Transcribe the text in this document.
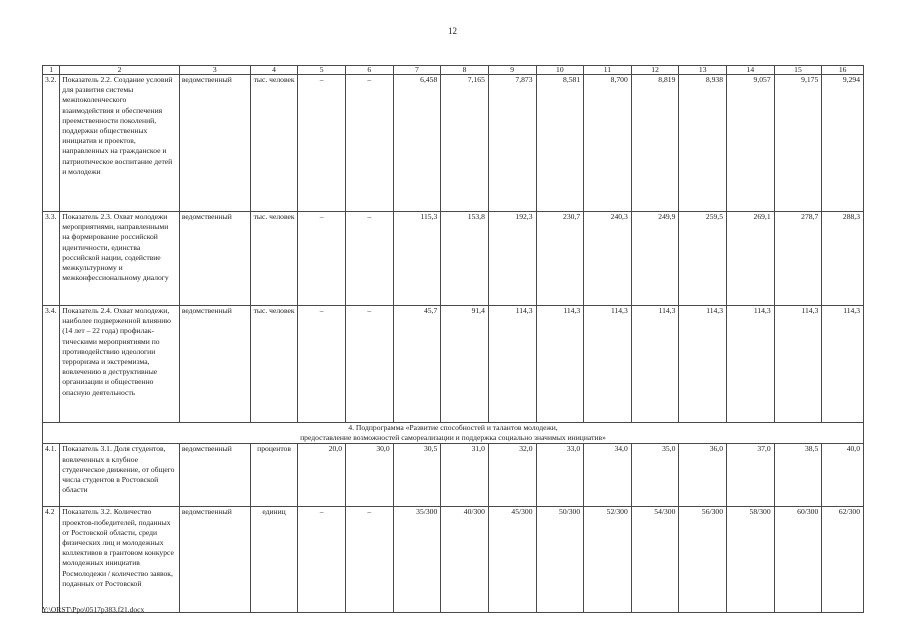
12
1	2	3	4	5	6	7	8	9	10	11	12	13	14	15	16
3.2.	Показатель 2.2. Создание условий для развития системы межпоколенческого взаимодействия и обеспечения преемственности поколений, поддержки общественных инициатив и проектов, направленных на гражданское и патриотическое воспитание детей и молодежи	ведомственный	тыс. человек	–	–	6,458	7,165	7,873	8,581	8,700	8,819	8,938	9,057	9,175	9,294
3.3.	Показатель 2.3. Охват молодежи мероприятиями, направленными на формирование российской идентичности, единства российской нации, содействие межкультурному и межконфессиональному диалогу	ведомственный	тыс. человек	–	–	115,3	153,8	192,3	230,7	240,3	249,9	259,5	269,1	278,7	288,3
3.4.	Показатель 2.4. Охват молодежи, наиболее подверженной влиянию (14 лет – 22 года) профилак-тическими мероприятиями по противодействию идеологии терроризма и экстремизма, вовлечению в деструктивные организации и общественно опасную деятельность	ведомственный	тыс. человек	–	–	45,7	91,4	114,3	114,3	114,3	114,3	114,3	114,3	114,3	114,3

4. Подпрограмма «Развитие способностей и талантов молодежи,
предоставление возможностей самореализации и поддержка социально значимых инициатив»															

4.1.	Показатель 3.1. Доля студентов, вовлеченных в клубное студенческое движение, от общего числа студентов в Ростовской области	ведомственный	процентов	20,0	30,0	30,5	31,0	32,0	33,0	34,0	35,0	36,0	37,0	38,5	40,0
4.2	Показатель 3.2. Количество проектов-победителей, поданных от Ростовской области, среди физических лиц и молодежных коллективов в грантовом конкурсе молодежных инициатив Росмолодежи / количество заявок, поданных от Ростовской	ведомственный	единиц	–	–	35/300	40/300	45/300	50/300	52/300	54/300	56/300	58/300	60/300	62/300
Y:\ORST\Ppo\0517p383.f21.docx
